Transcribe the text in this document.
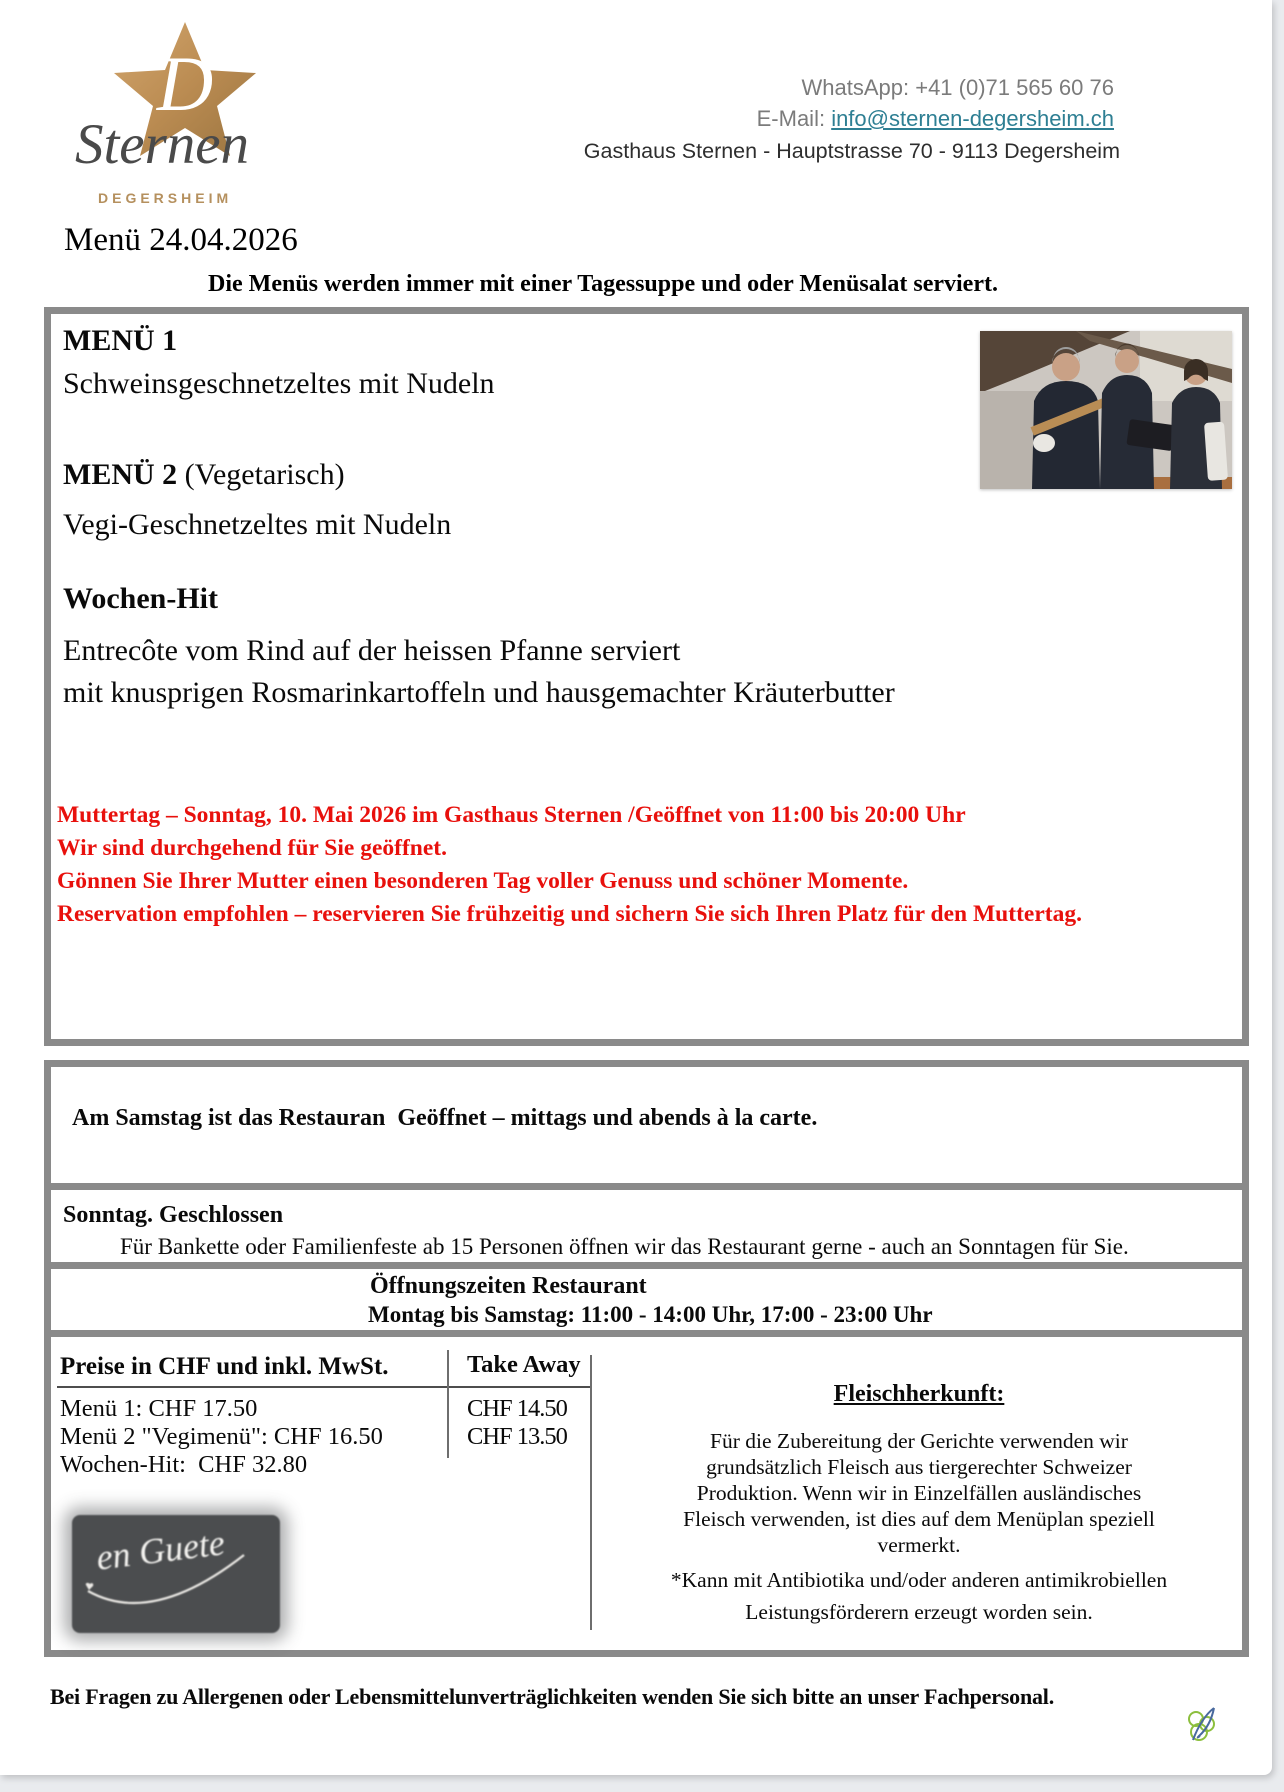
D
Sternen
DEGERSHEIM
WhatsApp: +41 (0)71 565 60 76
E-Mail: info@sternen-degersheim.ch
Gasthaus Sternen - Hauptstrasse 70 - 9113 Degersheim
Menü 24.04.2026
Die Menüs werden immer mit einer Tagessuppe und oder Menüsalat serviert.
MENÜ 1
Schweinsgeschnetzeltes mit Nudeln
MENÜ 2 (Vegetarisch)
Vegi-Geschnetzeltes mit Nudeln
Wochen-Hit
Entrecôte vom Rind auf der heissen Pfanne serviert
mit knusprigen Rosmarinkartoffeln und hausgemachter Kräuterbutter
Muttertag – Sonntag, 10. Mai 2026 im Gasthaus Sternen /Geöffnet von 11:00 bis 20:00 Uhr
Wir sind durchgehend für Sie geöffnet.
Gönnen Sie Ihrer Mutter einen besonderen Tag voller Genuss und schöner Momente.
Reservation empfohlen – reservieren Sie frühzeitig und sichern Sie sich Ihren Platz für den Muttertag.
Am Samstag ist das Restauran  Geöffnet – mittags und abends à la carte.
Sonntag. Geschlossen
Für Bankette oder Familienfeste ab 15 Personen öffnen wir das Restaurant gerne - auch an Sonntagen für Sie.
Öffnungszeiten Restaurant
Montag bis Samstag: 11:00 - 14:00 Uhr, 17:00 - 23:00 Uhr
Preise in CHF und inkl. MwSt.	Take Away
Menü 1: CHF 17.50
Menü 2 "Vegimenü": CHF 16.50
Wochen-Hit:  CHF 32.80
CHF 14.50
CHF 13.50
Fleischherkunft:
Für die Zubereitung der Gerichte verwenden wir
grundsätzlich Fleisch aus tiergerechter Schweizer
Produktion. Wenn wir in Einzelfällen ausländisches
Fleisch verwenden, ist dies auf dem Menüplan speziell
vermerkt.
*Kann mit Antibiotika und/oder anderen antimikrobiellen
Leistungsförderern erzeugt worden sein.
en Guete
Bei Fragen zu Allergenen oder Lebensmittelunverträglichkeiten wenden Sie sich bitte an unser Fachpersonal.
